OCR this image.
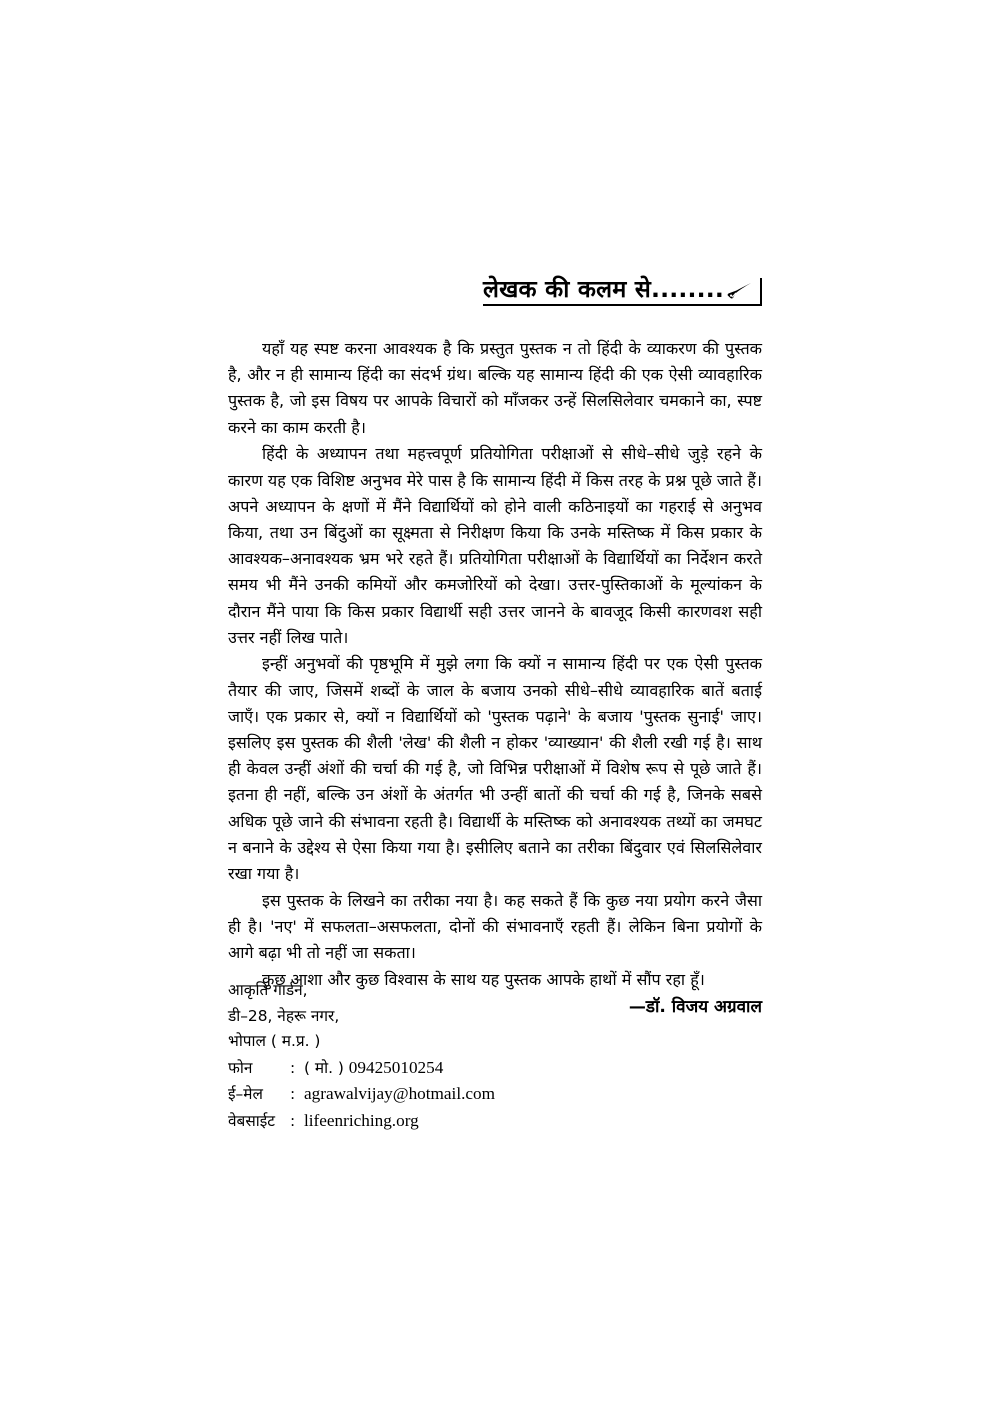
लेखक की कलम से........

यहाँ यह स्पष्ट करना आवश्यक है कि प्रस्तुत पुस्तक न तो हिंदी के व्याकरण की पुस्तक है, और न ही सामान्य हिंदी का संदर्भ ग्रंथ। बल्कि यह सामान्य हिंदी की एक ऐसी व्यावहारिक पुस्तक है, जो इस विषय पर आपके विचारों को माँजकर उन्हें सिलसिलेवार चमकाने का, स्पष्ट करने का काम करती है।

हिंदी के अध्यापन तथा महत्त्वपूर्ण प्रतियोगिता परीक्षाओं से सीधे–सीधे जुड़े रहने के कारण यह एक विशिष्ट अनुभव मेरे पास है कि सामान्य हिंदी में किस तरह के प्रश्न पूछे जाते हैं। अपने अध्यापन के क्षणों में मैंने विद्यार्थियों को होने वाली कठिनाइयों का गहराई से अनुभव किया, तथा उन बिंदुओं का सूक्ष्मता से निरीक्षण किया कि उनके मस्तिष्क में किस प्रकार के आवश्यक–अनावश्यक भ्रम भरे रहते हैं। प्रतियोगिता परीक्षाओं के विद्यार्थियों का निर्देशन करते समय भी मैंने उनकी कमियों और कमजोरियों को देखा। उत्तर-पुस्तिकाओं के मूल्यांकन के दौरान मैंने पाया कि किस प्रकार विद्यार्थी सही उत्तर जानने के बावजूद किसी कारणवश सही उत्तर नहीं लिख पाते।

इन्हीं अनुभवों की पृष्ठभूमि में मुझे लगा कि क्यों न सामान्य हिंदी पर एक ऐसी पुस्तक तैयार की जाए, जिसमें शब्दों के जाल के बजाय उनको सीधे–सीधे व्यावहारिक बातें बताई जाएँ। एक प्रकार से, क्यों न विद्यार्थियों को 'पुस्तक पढ़ाने' के बजाय 'पुस्तक सुनाई' जाए। इसलिए इस पुस्तक की शैली 'लेख' की शैली न होकर 'व्याख्यान' की शैली रखी गई है। साथ ही केवल उन्हीं अंशों की चर्चा की गई है, जो विभिन्न परीक्षाओं में विशेष रूप से पूछे जाते हैं। इतना ही नहीं, बल्कि उन अंशों के अंतर्गत भी उन्हीं बातों की चर्चा की गई है, जिनके सबसे अधिक पूछे जाने की संभावना रहती है। विद्यार्थी के मस्तिष्क को अनावश्यक तथ्यों का जमघट न बनाने के उद्देश्य से ऐसा किया गया है। इसीलिए बताने का तरीका बिंदुवार एवं सिलसिलेवार रखा गया है।

इस पुस्तक के लिखने का तरीका नया है। कह सकते हैं कि कुछ नया प्रयोग करने जैसा ही है। 'नए' में सफलता–असफलता, दोनों की संभावनाएँ रहती हैं। लेकिन बिना प्रयोगों के आगे बढ़ा भी तो नहीं जा सकता।

कुछ आशा और कुछ विश्वास के साथ यह पुस्तक आपके हाथों में सौंप रहा हूँ।

—डॉ. विजय अग्रवाल
आकृति गार्डन,
डी–28, नेहरू नगर,
भोपाल ( म.प्र. )
फोन	: ( मो. ) 09425010254
ई–मेल	: agrawalvijay@hotmail.com
वेबसाईट : lifeenriching.org
